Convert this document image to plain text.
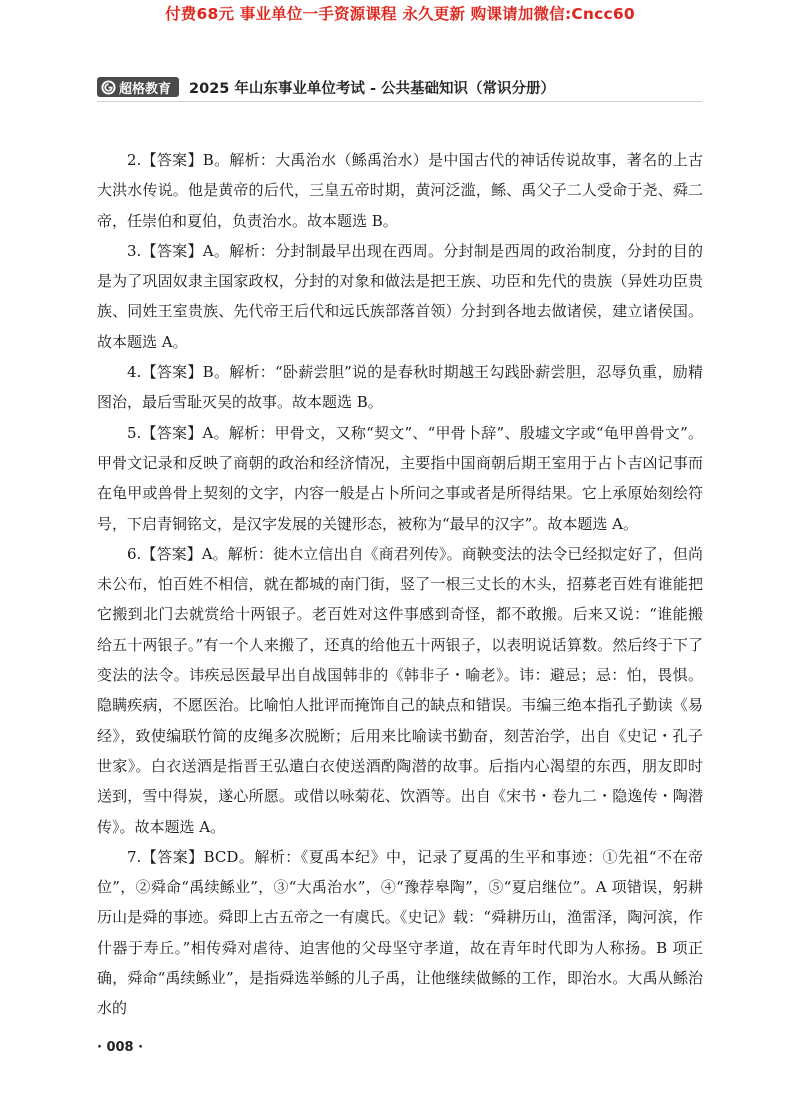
付费68元 事业单位一手资源课程 永久更新 购课请加微信:Cncc60
超格教育 2025 年山东事业单位考试 - 公共基础知识（常识分册）

2.【答案】B。解析：大禹治水（鲧禹治水）是中国古代的神话传说故事，著名的上古大洪水传说。他是黄帝的后代，三皇五帝时期，黄河泛滥，鲧、禹父子二人受命于尧、舜二帝，任崇伯和夏伯，负责治水。故本题选 B。

3.【答案】A。解析：分封制最早出现在西周。分封制是西周的政治制度，分封的目的是为了巩固奴隶主国家政权，分封的对象和做法是把王族、功臣和先代的贵族（异姓功臣贵族、同姓王室贵族、先代帝王后代和远氏族部落首领）分封到各地去做诸侯，建立诸侯国。故本题选 A。

4.【答案】B。解析：“卧薪尝胆”说的是春秋时期越王勾践卧薪尝胆，忍辱负重，励精图治，最后雪耻灭吴的故事。故本题选 B。

5.【答案】A。解析：甲骨文，又称“契文”、“甲骨卜辞”、殷墟文字或“龟甲兽骨文”。甲骨文记录和反映了商朝的政治和经济情况，主要指中国商朝后期王室用于占卜吉凶记事而在龟甲或兽骨上契刻的文字，内容一般是占卜所问之事或者是所得结果。它上承原始刻绘符号，下启青铜铭文，是汉字发展的关键形态，被称为“最早的汉字”。故本题选 A。

6.【答案】A。解析：徙木立信出自《商君列传》。商鞅变法的法令已经拟定好了，但尚未公布，怕百姓不相信，就在都城的南门街，竖了一根三丈长的木头，招募老百姓有谁能把它搬到北门去就赏给十两银子。老百姓对这件事感到奇怪，都不敢搬。后来又说：“谁能搬给五十两银子。”有一个人来搬了，还真的给他五十两银子，以表明说话算数。然后终于下了变法的法令。讳疾忌医最早出自战国韩非的《韩非子・喻老》。讳：避忌；忌：怕，畏惧。隐瞒疾病，不愿医治。比喻怕人批评而掩饰自己的缺点和错误。韦编三绝本指孔子勤读《易经》，致使编联竹简的皮绳多次脱断；后用来比喻读书勤奋，刻苦治学，出自《史记・孔子世家》。白衣送酒是指晋王弘遣白衣使送酒酌陶潜的故事。后指内心渴望的东西，朋友即时送到，雪中得炭，遂心所愿。或借以咏菊花、饮酒等。出自《宋书・卷九二・隐逸传・陶潜传》。故本题选 A。

7.【答案】BCD。解析：《夏禹本纪》中，记录了夏禹的生平和事迹：①先祖“不在帝位”，②舜命“禹续鲧业”，③“大禹治水”，④“豫荐皋陶”，⑤“夏启继位”。A 项错误，躬耕历山是舜的事迹。舜即上古五帝之一有虞氏。《史记》载：“舜耕历山，渔雷泽，陶河滨，作什器于寿丘。”相传舜对虐待、迫害他的父母坚守孝道，故在青年时代即为人称扬。B 项正确，舜命“禹续鲧业”，是指舜选举鲧的儿子禹，让他继续做鲧的工作，即治水。大禹从鲧治水的

· 008 ·
